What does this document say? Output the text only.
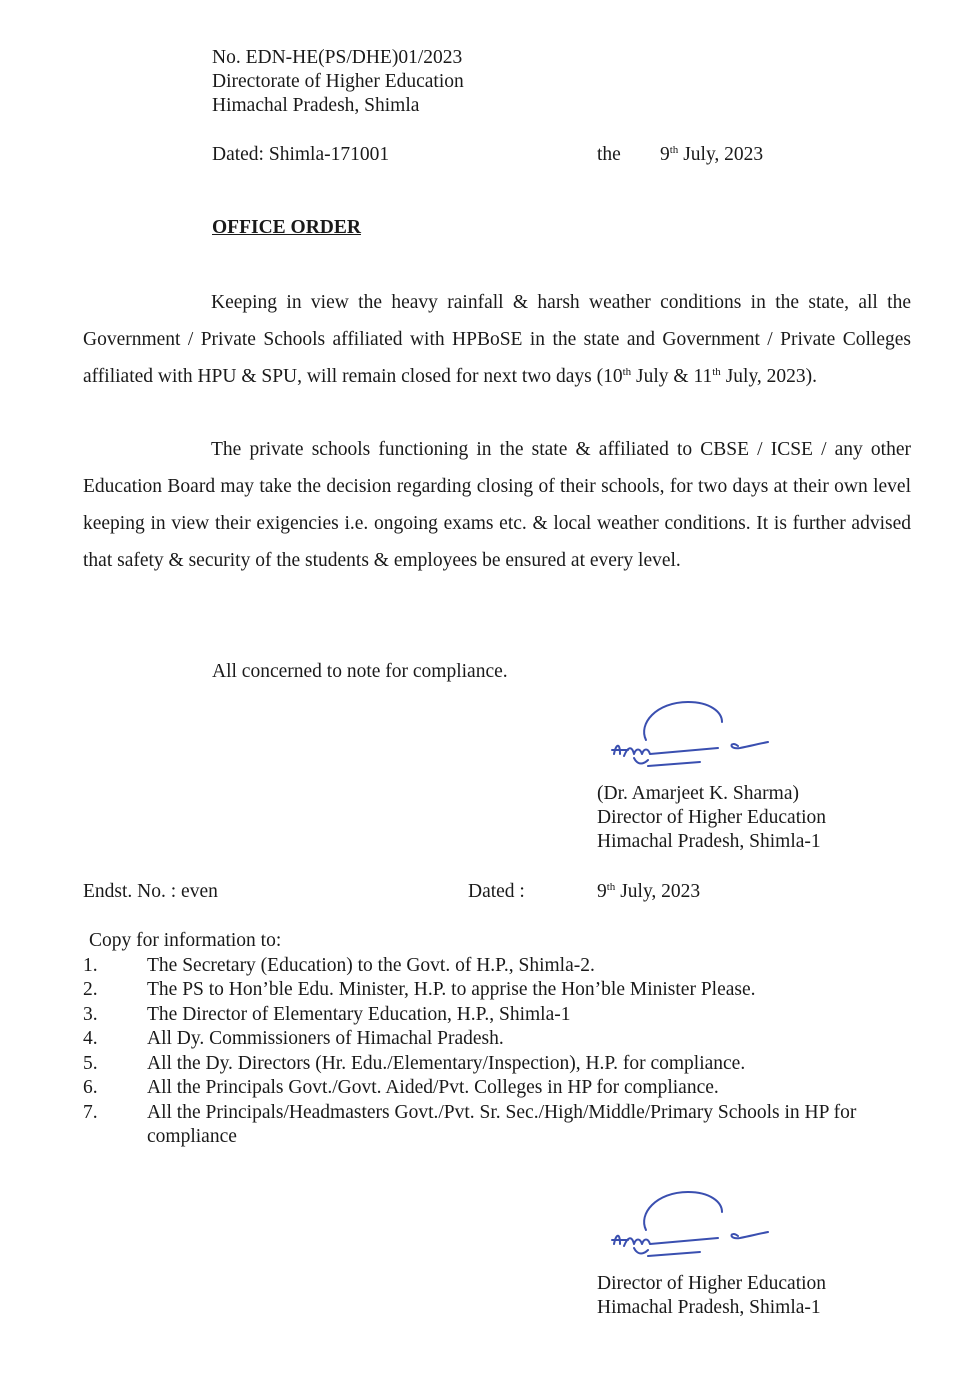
No. EDN-HE(PS/DHE)01/2023
Directorate of Higher Education
Himachal Pradesh, Shimla
Dated: Shimla-171001	the 9th July, 2023
OFFICE ORDER
Keeping in view the heavy rainfall & harsh weather conditions in the state, all the Government / Private Schools affiliated with HPBoSE in the state and Government / Private Colleges affiliated with HPU & SPU, will remain closed for next two days (10th July & 11th July, 2023).
The private schools functioning in the state & affiliated to CBSE / ICSE / any other Education Board may take the decision regarding closing of their schools, for two days at their own level keeping in view their exigencies i.e. ongoing exams etc. & local weather conditions. It is further advised that safety & security of the students & employees be ensured at every level.
All concerned to note for compliance.
(Dr. Amarjeet K. Sharma)
Director of Higher Education
Himachal Pradesh, Shimla-1
Endst. No. : even	Dated :	9th July, 2023
Copy for information to:
1.	The Secretary (Education) to the Govt. of H.P., Shimla-2.
2.	The PS to Hon’ble Edu. Minister, H.P. to apprise the Hon’ble Minister Please.
3.	The Director of Elementary Education, H.P., Shimla-1
4.	All Dy. Commissioners of Himachal Pradesh.
5.	All the Dy. Directors (Hr. Edu./Elementary/Inspection), H.P. for compliance.
6.	All the Principals Govt./Govt. Aided/Pvt. Colleges in HP for compliance.
7.	All the Principals/Headmasters Govt./Pvt. Sr. Sec./High/Middle/Primary Schools in HP for compliance
Director of Higher Education
Himachal Pradesh, Shimla-1
